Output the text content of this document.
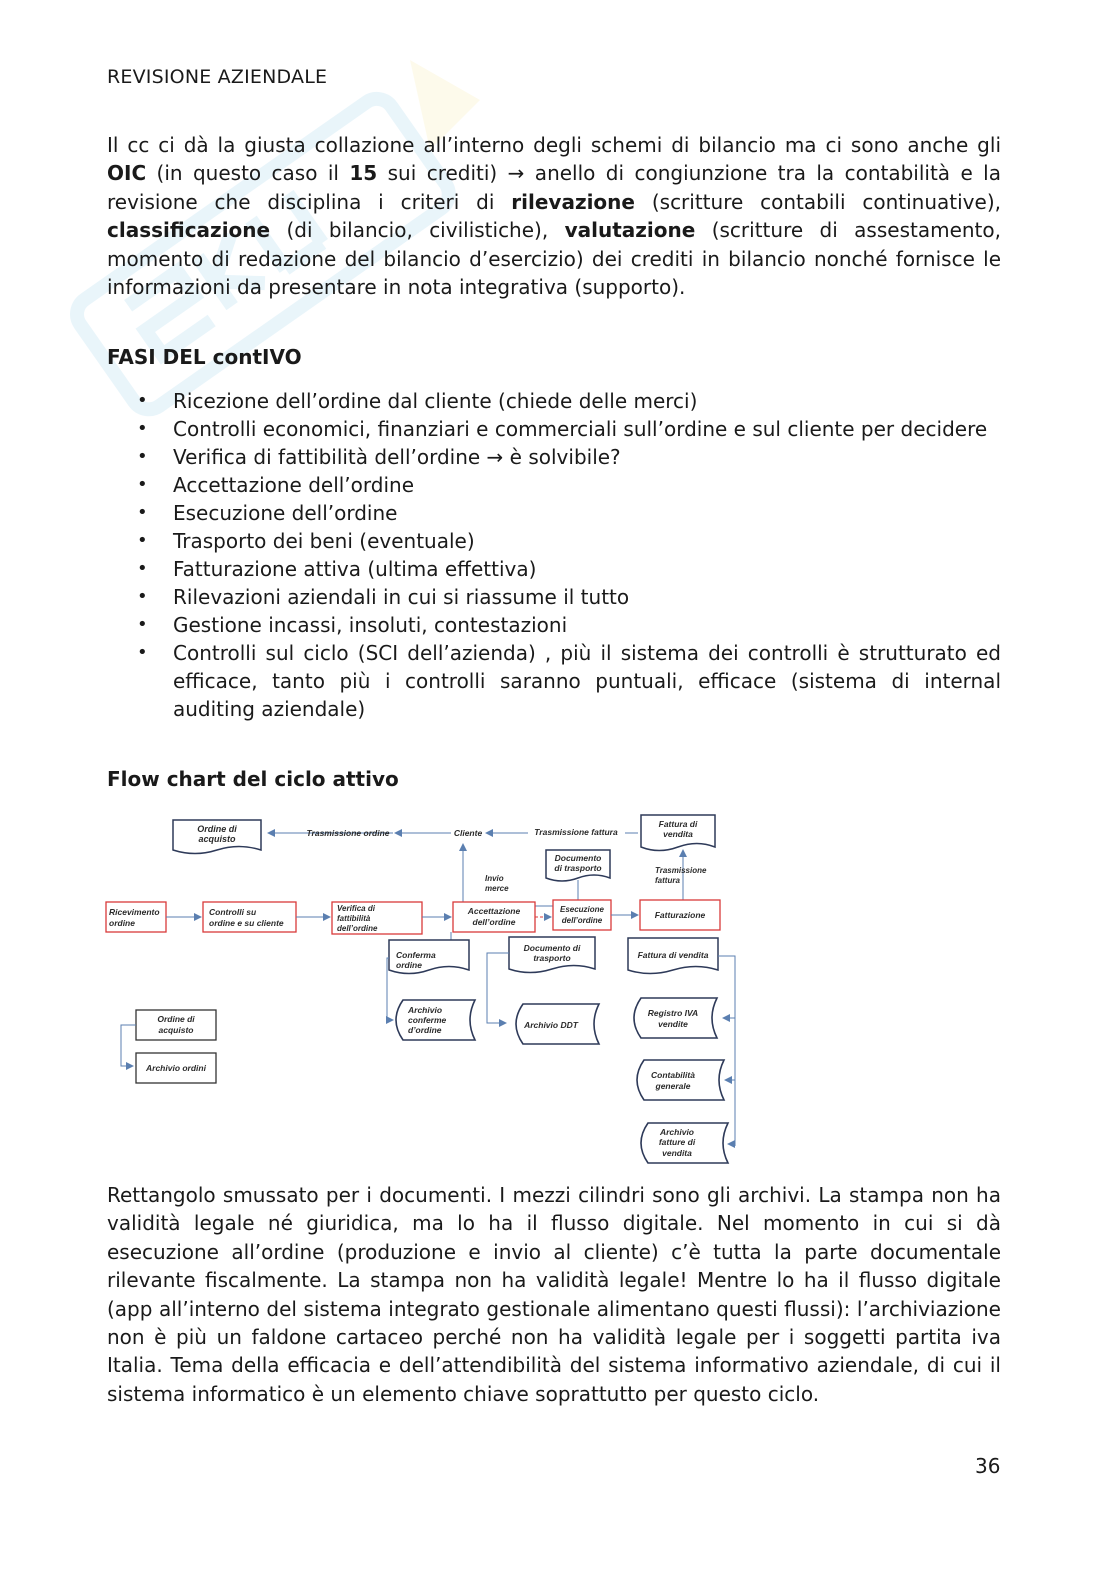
REVISIONE AZIENDALE

Il cc ci dà la giusta collazione all’interno degli schemi di bilancio ma ci sono anche gli OIC (in questo caso il 15 sui crediti) → anello di congiunzione tra la contabilità e la revisione che disciplina i criteri di rilevazione (scritture contabili continuative), classificazione (di bilancio, civilistiche), valutazione (scritture di assestamento, momento di redazione del bilancio d’esercizio) dei crediti in bilancio nonché fornisce le informazioni da presentare in nota integrativa (supporto).

FASI DEL contIVO
• Ricezione dell’ordine dal cliente (chiede delle merci)
• Controlli economici, finanziari e commerciali sull’ordine e sul cliente per decidere
• Verifica di fattibilità dell’ordine → è solvibile?
• Accettazione dell’ordine
• Esecuzione dell’ordine
• Trasporto dei beni (eventuale)
• Fatturazione attiva (ultima effettiva)
• Rilevazioni aziendali in cui si riassume il tutto
• Gestione incassi, insoluti, contestazioni
• Controlli sul ciclo (SCI dell’azienda) , più il sistema dei controlli è strutturato ed efficace, tanto più i controlli saranno puntuali, efficace (sistema di internal auditing aziendale)
Flow chart del ciclo attivo
Ordine di
acquisto
Trasmissione ordine	Cliente	Trasmissione fattura
Fattura di
vendita
Invio
merce
Documento
di trasporto	Trasmissione
fattura
Ricevimento
ordine
Controlli su
ordine e su cliente
Verifica di
fattibilità
dell’ordine
Accettazione
dell’ordine
Esecuzione
dell’ordine
Fatturazione
Conferma
ordine
Documento di
trasporto	Fattura di vendita
Archivio
conferme
d’ordine	Archivio DDT
Registro IVA
vendite
Contabilità
generale
Archivio
fatture di
vendita
Ordine di
acquisto
Archivio ordini

Rettangolo smussato per i documenti. I mezzi cilindri sono gli archivi. La stampa non ha validità legale né giuridica, ma lo ha il flusso digitale. Nel momento in cui si dà esecuzione all’ordine (produzione e invio al cliente) c’è tutta la parte documentale rilevante fiscalmente. La stampa non ha validità legale! Mentre lo ha il flusso digitale (app all’interno del sistema integrato gestionale alimentano questi flussi): l’archiviazione non è più un faldone cartaceo perché non ha validità legale per i soggetti partita iva Italia. Tema della efficacia e dell’attendibilità del sistema informativo aziendale, di cui il sistema informatico è un elemento chiave soprattutto per questo ciclo.

36
